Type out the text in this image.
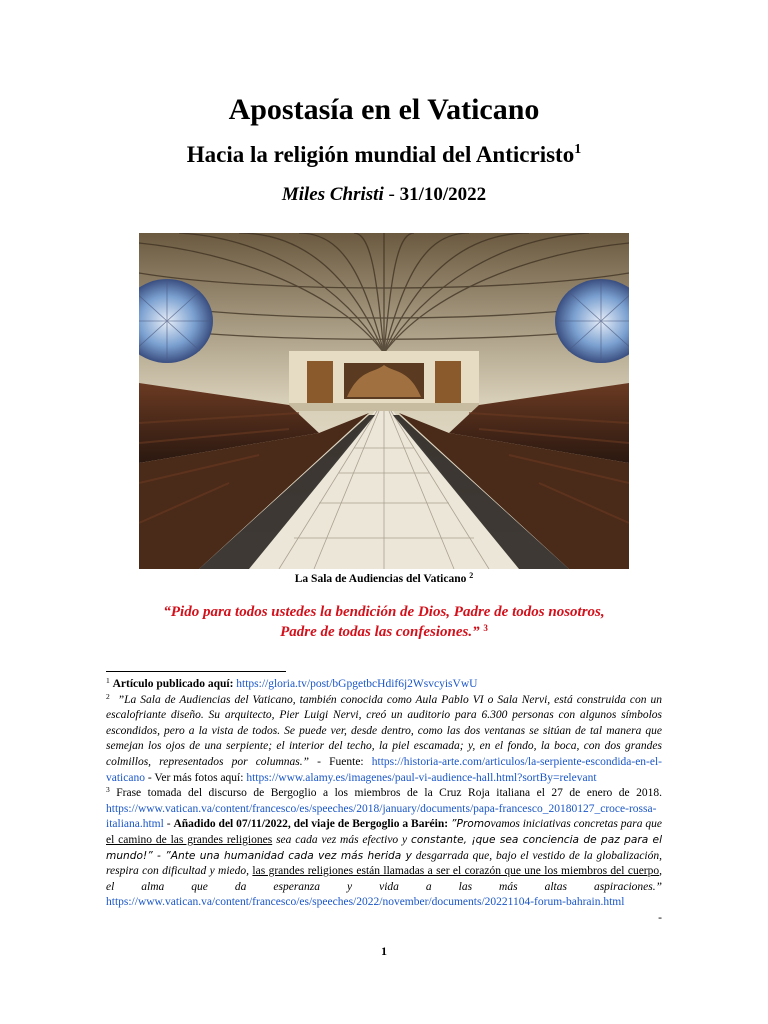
Apostasía en el Vaticano
Hacia la religión mundial del Anticristo$^1$
Miles Christi - 31/10/2022
La Sala de Audiencias del Vaticano $^2$
“Pido para todos ustedes la bendición de Dios, Padre de todos nosotros,
Padre de todas las confesiones.” $^3$

$^1$ Artículo publicado aquí: https://gloria.tv/post/bGpgetbcHdif6j2WsvcyisVwU

$^2$ ”La Sala de Audiencias del Vaticano, también conocida como Aula Pablo VI o Sala Nervi, está construida con un escalofriante diseño. Su arquitecto, Pier Luigi Nervi, creó un auditorio para 6.300 personas con algunos símbolos escondidos, pero a la vista de todos. Se puede ver, desde dentro, como las dos ventanas se sitúan de tal manera que semejan los ojos de una serpiente; el interior del techo, la piel escamada; y, en el fondo, la boca, con dos grandes colmillos, representados por columnas.” - Fuente: https://historia-arte.com/articulos/la-serpiente-escondida-en-el-vaticano - Ver más fotos aquí: https://www.alamy.es/imagenes/paul-vi-audience-hall.html?sortBy=relevant

$^3$ Frase tomada del discurso de Bergoglio a los miembros de la Cruz Roja italiana el 27 de enero de 2018. https://www.vatican.va/content/francesco/es/speeches/2018/january/documents/papa-francesco_20180127_croce-rossa-italiana.html - Añadido del 07/11/2022, del viaje de Bergoglio a Baréin: ”Promovamos iniciativas concretas para que el camino de las grandes religiones sea cada vez más efectivo y constante, ¡que sea conciencia de paz para el mundo!” - ”Ante una humanidad cada vez más herida y desgarrada que, bajo el vestido de la globalización, respira con dificultad y miedo, las grandes religiones están llamadas a ser el corazón que une los miembros del cuerpo, el alma que da esperanza y vida a las más altas aspiraciones.” https://www.vatican.va/content/francesco/es/speeches/2022/november/documents/20221104-forum-bahrain.html

-

1
